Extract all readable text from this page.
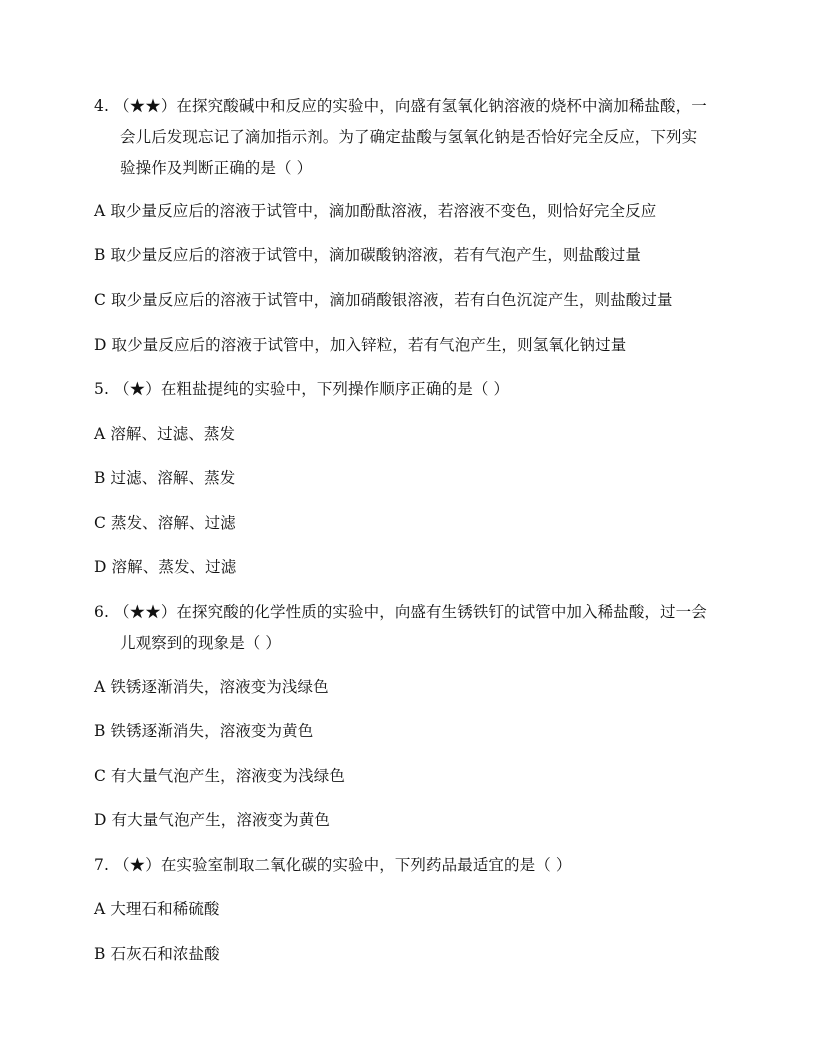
4. （★★）在探究酸碱中和反应的实验中，向盛有氢氧化钠溶液的烧杯中滴加稀盐酸，一
会儿后发现忘记了滴加指示剂。为了确定盐酸与氢氧化钠是否恰好完全反应，下列实
验操作及判断正确的是（ ）
A 取少量反应后的溶液于试管中，滴加酚酞溶液，若溶液不变色，则恰好完全反应
B 取少量反应后的溶液于试管中，滴加碳酸钠溶液，若有气泡产生，则盐酸过量
C 取少量反应后的溶液于试管中，滴加硝酸银溶液，若有白色沉淀产生，则盐酸过量
D 取少量反应后的溶液于试管中，加入锌粒，若有气泡产生，则氢氧化钠过量
5. （★）在粗盐提纯的实验中，下列操作顺序正确的是（ ）
A 溶解、过滤、蒸发
B 过滤、溶解、蒸发
C 蒸发、溶解、过滤
D 溶解、蒸发、过滤
6. （★★）在探究酸的化学性质的实验中，向盛有生锈铁钉的试管中加入稀盐酸，过一会
儿观察到的现象是（ ）
A 铁锈逐渐消失，溶液变为浅绿色
B 铁锈逐渐消失，溶液变为黄色
C 有大量气泡产生，溶液变为浅绿色
D 有大量气泡产生，溶液变为黄色
7. （★）在实验室制取二氧化碳的实验中，下列药品最适宜的是（ ）
A 大理石和稀硫酸
B 石灰石和浓盐酸
